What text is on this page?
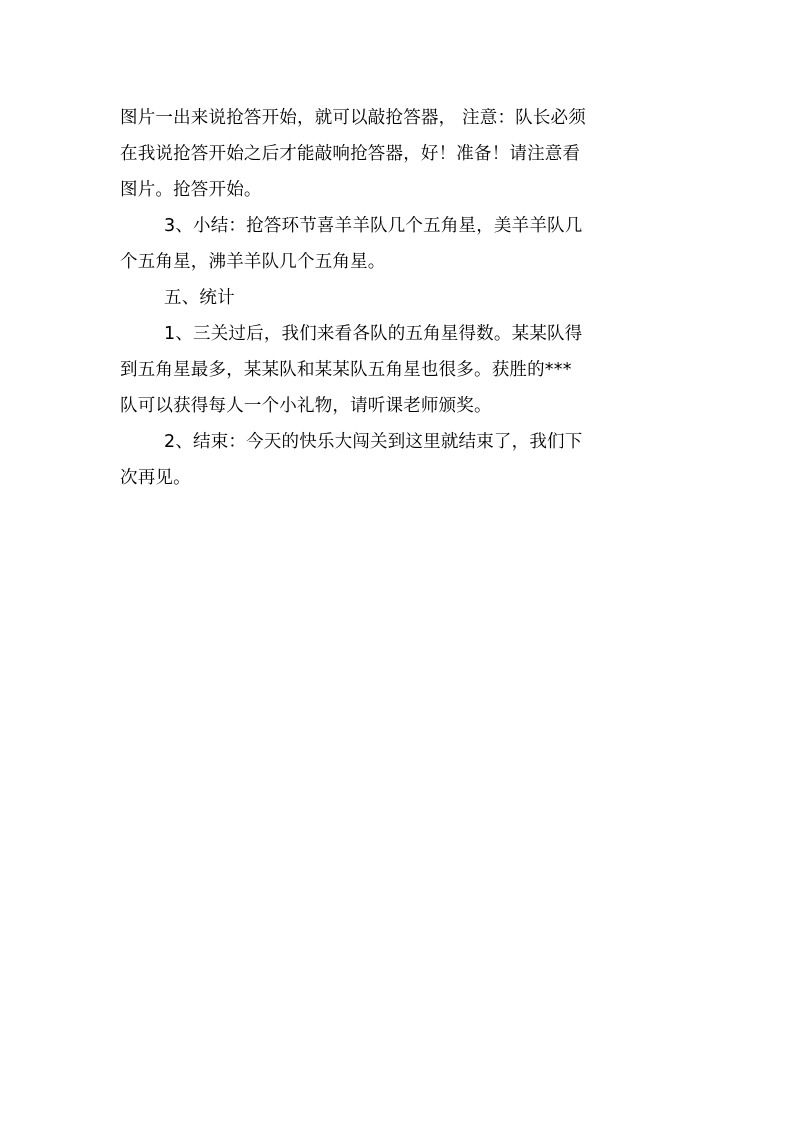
图片一出来说抢答开始，就可以敲抢答器， 注意：队长必须
在我说抢答开始之后才能敲响抢答器，好！准备！请注意看
图片。抢答开始。
3、小结：抢答环节喜羊羊队几个五角星，美羊羊队几
个五角星，沸羊羊队几个五角星。
五、统计
1、三关过后，我们来看各队的五角星得数。某某队得
到五角星最多，某某队和某某队五角星也很多。获胜的***
队可以获得每人一个小礼物，请听课老师颁奖。
2、结束：今天的快乐大闯关到这里就结束了，我们下
次再见。
